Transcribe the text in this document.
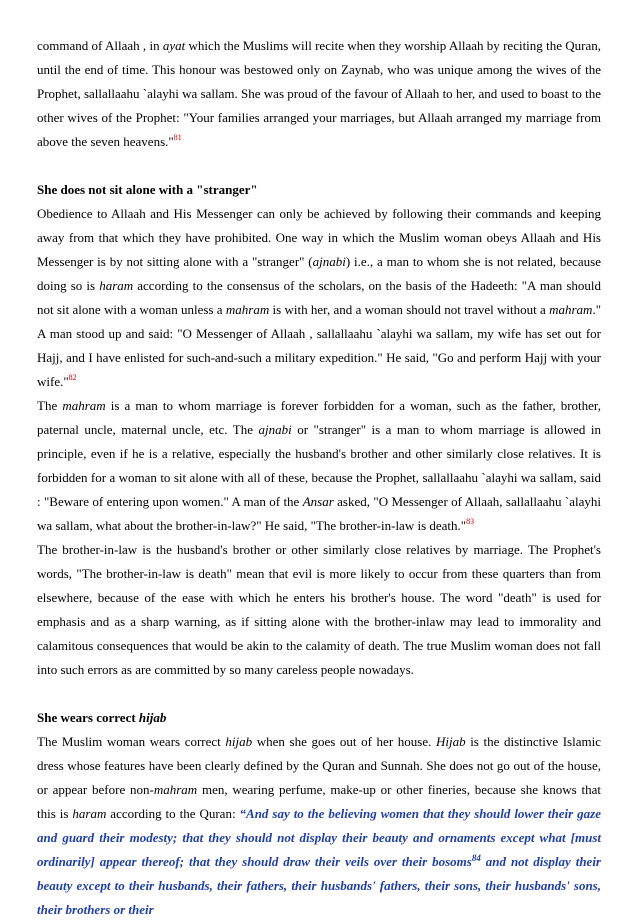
command of Allaah , in ayat which the Muslims will recite when they worship Allaah by reciting the Quran, until the end of time. This honour was bestowed only on Zaynab, who was unique among the wives of the Prophet, sallallaahu `alayhi wa sallam. She was proud of the favour of Allaah to her, and used to boast to the other wives of the Prophet: "Your families arranged your marriages, but Allaah arranged my marriage from above the seven heavens."$^{81}$

She does not sit alone with a "stranger"

Obedience to Allaah and His Messenger can only be achieved by following their commands and keeping away from that which they have prohibited. One way in which the Muslim woman obeys Allaah and His Messenger is by not sitting alone with a "stranger" (ajnabi) i.e., a man to whom she is not related, because doing so is haram according to the consensus of the scholars, on the basis of the Hadeeth: "A man should not sit alone with a woman unless a mahram is with her, and a woman should not travel without a mahram." A man stood up and said: "O Messenger of Allaah , sallallaahu `alayhi wa sallam, my wife has set out for Hajj, and I have enlisted for such-and-such a military expedition." He said, "Go and perform Hajj with your wife."$^{82}$

The mahram is a man to whom marriage is forever forbidden for a woman, such as the father, brother, paternal uncle, maternal uncle, etc. The ajnabi or "stranger" is a man to whom marriage is allowed in principle, even if he is a relative, especially the husband's brother and other similarly close relatives. It is forbidden for a woman to sit alone with all of these, because the Prophet, sallallaahu `alayhi wa sallam, said : "Beware of entering upon women." A man of the Ansar asked, "O Messenger of Allaah, sallallaahu `alayhi wa sallam, what about the brother-in-law?" He said, "The brother-in-law is death."$^{83}$

The brother-in-law is the husband's brother or other similarly close relatives by marriage. The Prophet's words, "The brother-in-law is death" mean that evil is more likely to occur from these quarters than from elsewhere, because of the ease with which he enters his brother's house. The word "death" is used for emphasis and as a sharp warning, as if sitting alone with the brother-inlaw may lead to immorality and calamitous consequences that would be akin to the calamity of death. The true Muslim woman does not fall into such errors as are committed by so many careless people nowadays.

She wears correct hijab

The Muslim woman wears correct hijab when she goes out of her house. Hijab is the distinctive Islamic dress whose features have been clearly defined by the Quran and Sunnah. She does not go out of the house, or appear before non-mahram men, wearing perfume, make-up or other fineries, because she knows that this is haram according to the Quran: “And say to the believing women that they should lower their gaze and guard their modesty; that they should not display their beauty and ornaments except what [must ordinarily] appear thereof; that they should draw their veils over their bosoms$^{84}$ and not display their beauty except to their husbands, their fathers, their husbands' fathers, their sons, their husbands' sons, their brothers or their
